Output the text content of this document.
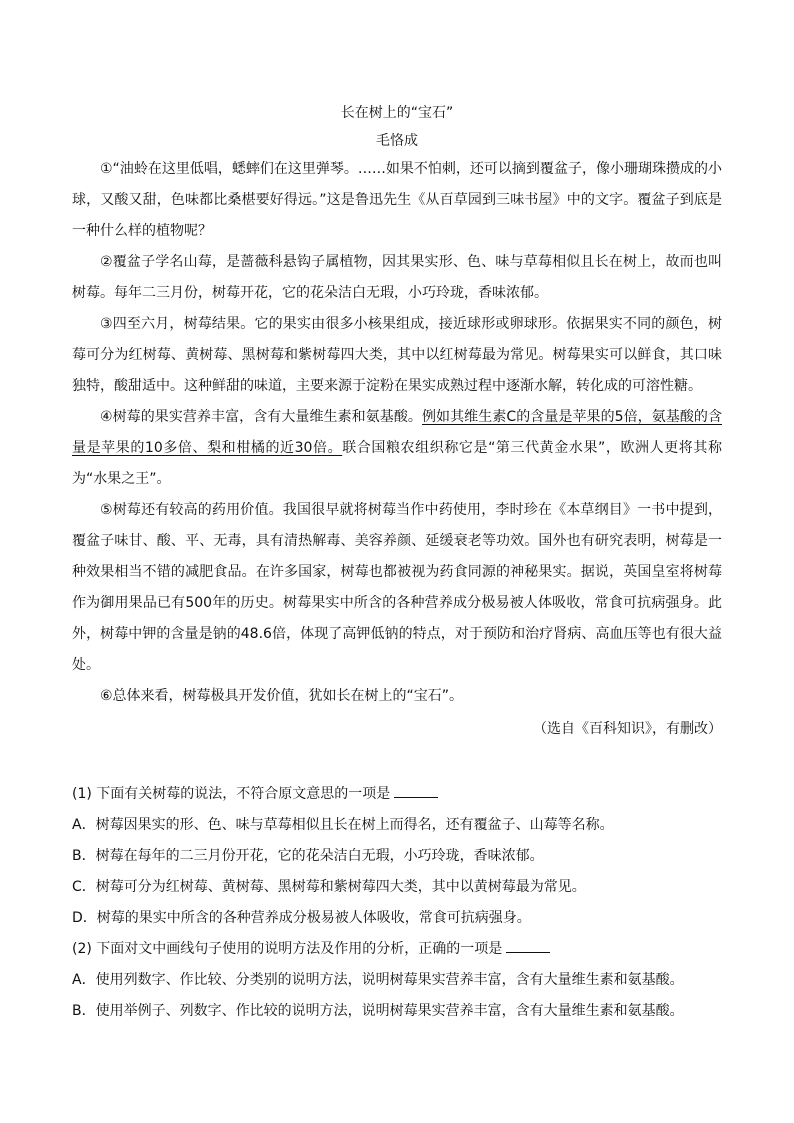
长在树上的“宝石”

毛恪成

①“油蛉在这里低唱，蟋蟀们在这里弹琴。……如果不怕刺，还可以摘到覆盆子，像小珊瑚珠攒成的小球，又酸又甜，色味都比桑椹要好得远。”这是鲁迅先生《从百草园到三味书屋》中的文字。覆盆子到底是一种什么样的植物呢？

②覆盆子学名山莓，是蔷薇科悬钩子属植物，因其果实形、色、味与草莓相似且长在树上，故而也叫树莓。每年二三月份，树莓开花，它的花朵洁白无瑕，小巧玲珑，香味浓郁。

③四至六月，树莓结果。它的果实由很多小核果组成，接近球形或卵球形。依据果实不同的颜色，树莓可分为红树莓、黄树莓、黑树莓和紫树莓四大类，其中以红树莓最为常见。树莓果实可以鲜食，其口味独特，酸甜适中。这种鲜甜的味道，主要来源于淀粉在果实成熟过程中逐渐水解，转化成的可溶性糖。

④树莓的果实营养丰富，含有大量维生素和氨基酸。例如其维生素C的含量是苹果的5倍，氨基酸的含量是苹果的10多倍、梨和柑橘的近30倍。联合国粮农组织称它是“第三代黄金水果”，欧洲人更将其称为“水果之王”。

⑤树莓还有较高的药用价值。我国很早就将树莓当作中药使用，李时珍在《本草纲目》一书中提到，覆盆子味甘、酸、平、无毒，具有清热解毒、美容养颜、延缓衰老等功效。国外也有研究表明，树莓是一种效果相当不错的减肥食品。在许多国家，树莓也都被视为药食同源的神秘果实。据说，英国皇室将树莓作为御用果品已有500年的历史。树莓果实中所含的各种营养成分极易被人体吸收，常食可抗病强身。此外，树莓中钾的含量是钠的48.6倍，体现了高钾低钠的特点，对于预防和治疗肾病、高血压等也有很大益处。

⑥总体来看，树莓极具开发价值，犹如长在树上的“宝石”。

（选自《百科知识》，有删改）

(1) 下面有关树莓的说法，不符合原文意思的一项是

A．树莓因果实的形、色、味与草莓相似且长在树上而得名，还有覆盆子、山莓等名称。

B．树莓在每年的二三月份开花，它的花朵洁白无瑕，小巧玲珑，香味浓郁。

C．树莓可分为红树莓、黄树莓、黑树莓和紫树莓四大类，其中以黄树莓最为常见。

D．树莓的果实中所含的各种营养成分极易被人体吸收，常食可抗病强身。

(2) 下面对文中画线句子使用的说明方法及作用的分析，正确的一项是

A．使用列数字、作比较、分类别的说明方法，说明树莓果实营养丰富，含有大量维生素和氨基酸。

B．使用举例子、列数字、作比较的说明方法，说明树莓果实营养丰富，含有大量维生素和氨基酸。
